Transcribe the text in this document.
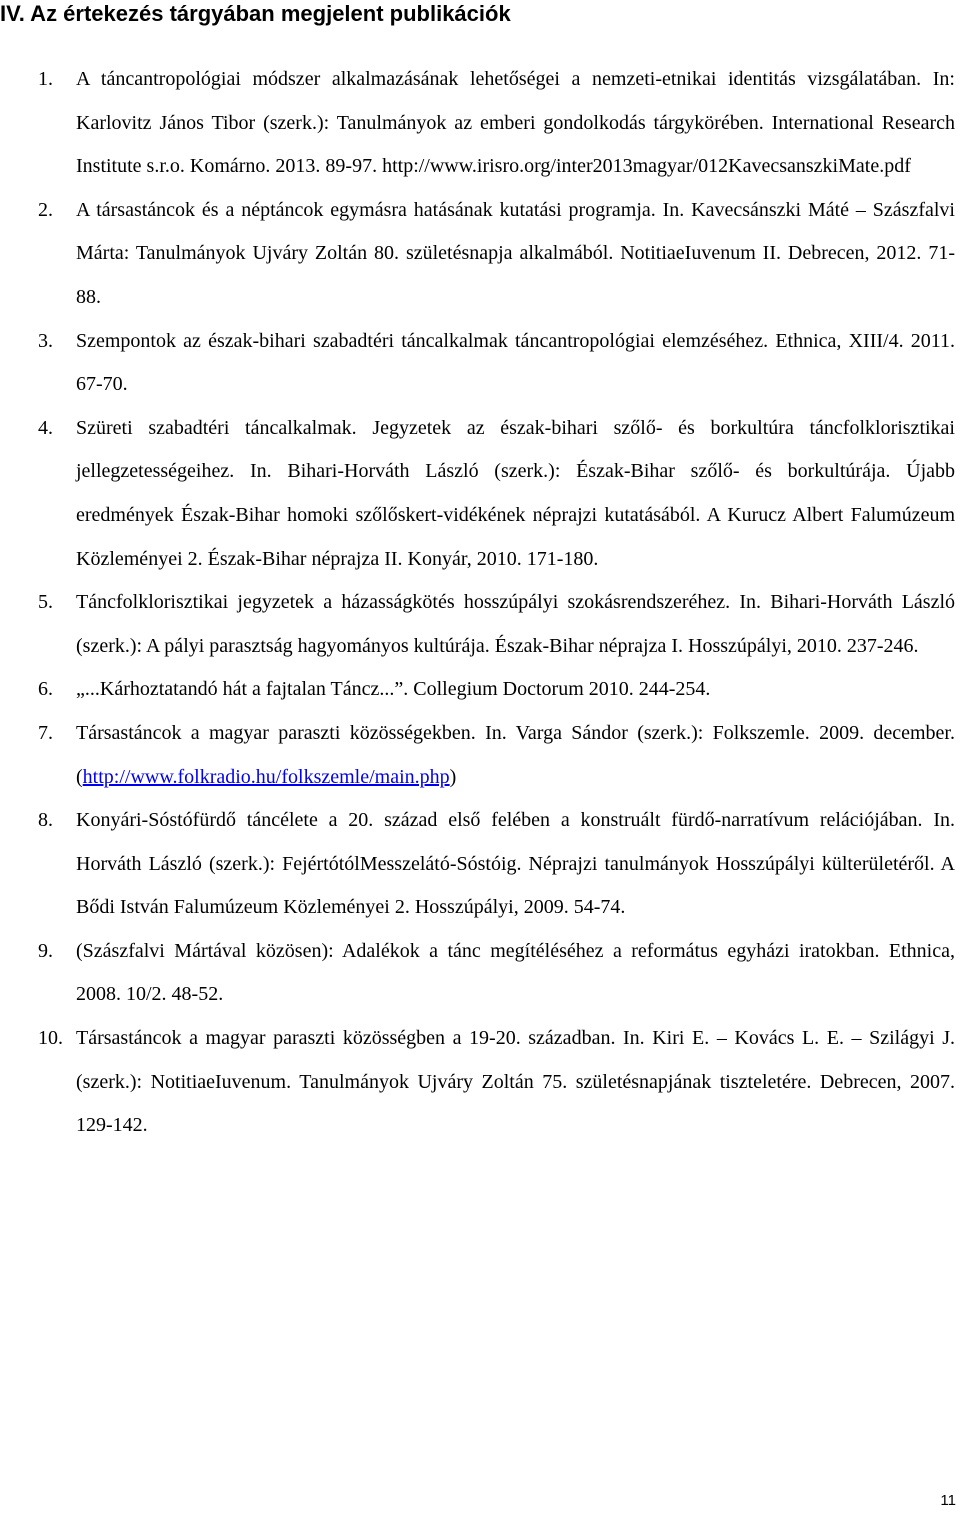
IV. Az értekezés tárgyában megjelent publikációk
1. A táncantropológiai módszer alkalmazásának lehetőségei a nemzeti-etnikai identitás vizsgálatában. In: Karlovitz János Tibor (szerk.): Tanulmányok az emberi gondolkodás tárgykörében. International Research Institute s.r.o. Komárno. 2013. 89-97. http://www.irisro.org/inter2013magyar/012KavecsanszkiMate.pdf
2. A társastáncok és a néptáncok egymásra hatásának kutatási programja. In. Kavecsánszki Máté – Szászfalvi Márta: Tanulmányok Ujváry Zoltán 80. születésnapja alkalmából. NotitiaeIuvenum II. Debrecen, 2012. 71-88.
3. Szempontok az észak-bihari szabadtéri táncalkalmak táncantropológiai elemzéséhez. Ethnica, XIII/4. 2011. 67-70.
4. Szüreti szabadtéri táncalkalmak. Jegyzetek az észak-bihari szőlő- és borkultúra táncfolklorisztikai jellegzetességeihez. In. Bihari-Horváth László (szerk.): Észak-Bihar szőlő- és borkultúrája. Újabb eredmények Észak-Bihar homoki szőlőskert-vidékének néprajzi kutatásából. A Kurucz Albert Falumúzeum Közleményei 2. Észak-Bihar néprajza II. Konyár, 2010. 171-180.
5. Táncfolklorisztikai jegyzetek a házasságkötés hosszúpályi szokásrendszeréhez. In. Bihari-Horváth László (szerk.): A pályi parasztság hagyományos kultúrája. Észak-Bihar néprajza I. Hosszúpályi, 2010. 237-246.
6. „...Kárhoztatandó hát a fajtalan Táncz...”. Collegium Doctorum 2010. 244-254.
7. Társastáncok a magyar paraszti közösségekben. In. Varga Sándor (szerk.): Folkszemle. 2009. december. (http://www.folkradio.hu/folkszemle/main.php)
8. Konyári-Sóstófürdő táncélete a 20. század első felében a konstruált fürdő-narratívum relációjában. In. Horváth László (szerk.): FejértótólMesszelátó-Sóstóig. Néprajzi tanulmányok Hosszúpályi külterületéről. A Bődi István Falumúzeum Közleményei 2. Hosszúpályi, 2009. 54-74.
9. (Szászfalvi Mártával közösen): Adalékok a tánc megítéléséhez a református egyházi iratokban. Ethnica, 2008. 10/2. 48-52.
10. Társastáncok a magyar paraszti közösségben a 19-20. században. In. Kiri E. – Kovács L. E. – Szilágyi J. (szerk.): NotitiaeIuvenum. Tanulmányok Ujváry Zoltán 75. születésnapjának tiszteletére. Debrecen, 2007. 129-142.
11
